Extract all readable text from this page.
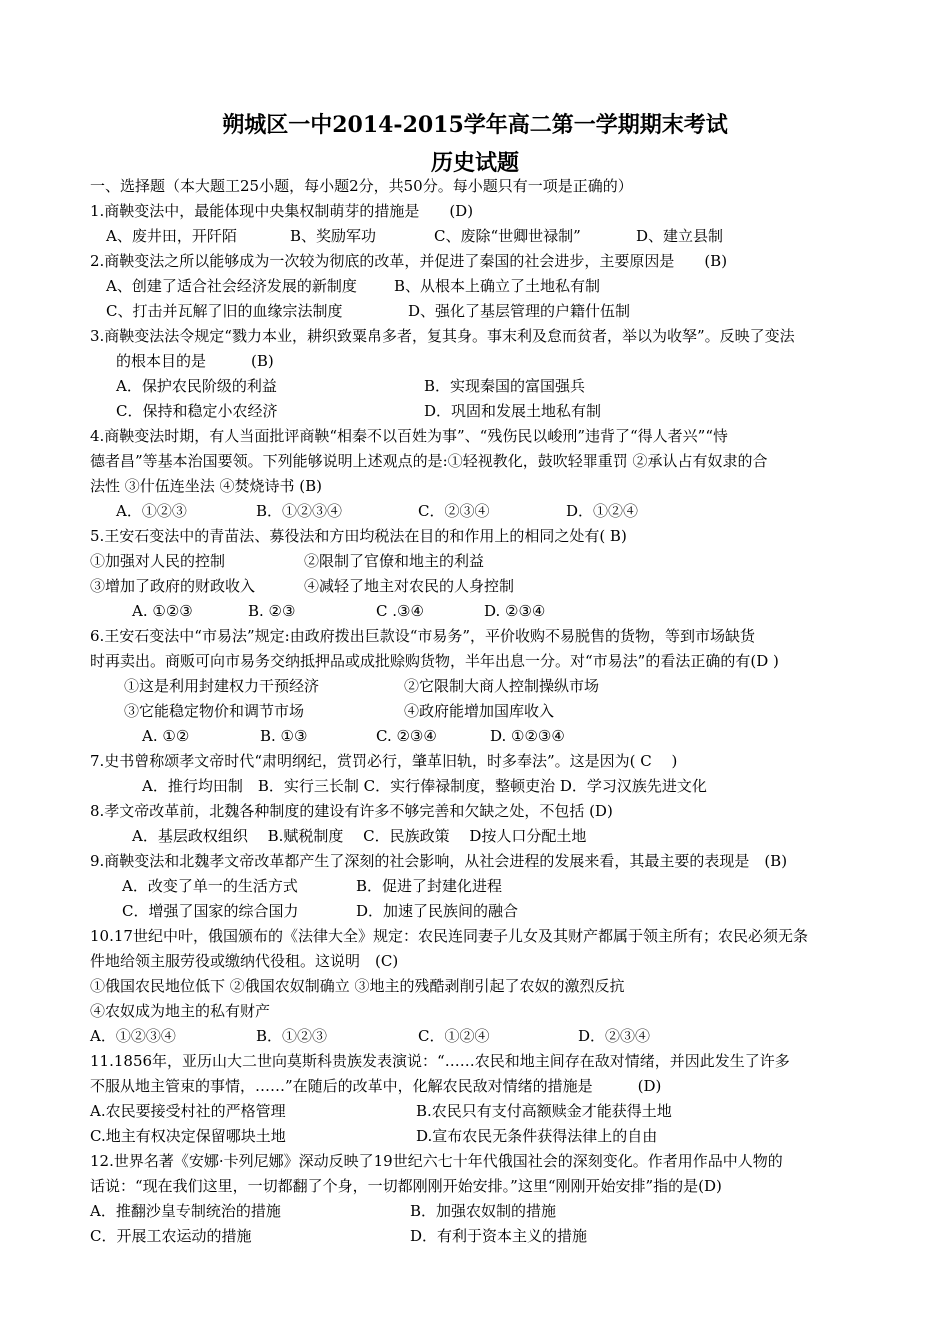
朔城区一中2014-2015学年高二第一学期期末考试
历史试题
一、选择题（本大题工25小题，每小题2分，共50分。每小题只有一项是正确的）
1.商鞅变法中，最能体现中央集权制萌芽的措施是　　(D)
A、废井田，开阡陌	B、奖励军功	C、废除“世卿世禄制”	D、建立县制
2.商鞅变法之所以能够成为一次较为彻底的改革，并促进了秦国的社会进步，主要原因是　　(B)
A、创建了适合社会经济发展的新制度 B、从根本上确立了土地私有制
C、打击并瓦解了旧的血缘宗法制度	D、强化了基层管理的户籍什伍制
3.商鞅变法法令规定“戮力本业，耕织致粟帛多者，复其身。事末利及怠而贫者，举以为收孥”。反映了变法
的根本目的是　　　(B)
A．保护农民阶级的利益	B．实现秦国的富国强兵
C．保持和稳定小农经济	D．巩固和发展土地私有制
4.商鞅变法时期，有人当面批评商鞅“相秦不以百姓为事”、“残伤民以峻刑”违背了“得人者兴”“恃
德者昌”等基本治国要领。下列能够说明上述观点的是:①轻视教化，鼓吹轻罪重罚 ②承认占有奴隶的合
法性 ③什伍连坐法 ④焚烧诗书 (B)
A．①②③	B．①②③④	C．②③④	D．①②④
5.王安石变法中的青苗法、募役法和方田均税法在目的和作用上的相同之处有( B)
①加强对人民的控制	②限制了官僚和地主的利益
③增加了政府的财政收入	④减轻了地主对农民的人身控制
A. ①②③	B. ②③	C .③④	D. ②③④
6.王安石变法中“市易法”规定:由政府拨出巨款设“市易务”，平价收购不易脱售的货物，等到市场缺货
时再卖出。商贩可向市易务交纳抵押品或成批赊购货物，半年出息一分。对“市易法”的看法正确的有(D )
①这是利用封建权力干预经济	②它限制大商人控制操纵市场
③它能稳定物价和调节市场	④政府能增加国库收入
A. ①②	B. ①③	C. ②③④	D. ①②③④
7.史书曾称颂孝文帝时代“肃明纲纪，赏罚必行，肇革旧轨，时多奉法”。这是因为( C　 )
A．推行均田制　B．实行三长制 C．实行俸禄制度，整顿吏治 D．学习汉族先进文化
8.孝文帝改革前，北魏各种制度的建设有许多不够完善和欠缺之处，不包括 (D)
A．基层政权组织　 B.赋税制度　 C．民族政策　 D按人口分配土地
9.商鞅变法和北魏孝文帝改革都产生了深刻的社会影响，从社会进程的发展来看，其最主要的表现是　(B)
A．改变了单一的生活方式	B．促进了封建化进程
C．增强了国家的综合国力	D．加速了民族间的融合
10.17世纪中叶，俄国颁布的《法律大全》规定：农民连同妻子儿女及其财产都属于领主所有；农民必须无条
件地给领主服劳役或缴纳代役租。这说明　(C)
①俄国农民地位低下 ②俄国农奴制确立 ③地主的残酷剥削引起了农奴的激烈反抗
④农奴成为地主的私有财产
A．①②③④	B．①②③	C．①②④	D．②③④
11.1856年，亚历山大二世向莫斯科贵族发表演说：“……农民和地主间存在敌对情绪，并因此发生了许多
不服从地主管束的事情，……”在随后的改革中，化解农民敌对情绪的措施是　　　(D)
A.农民要接受村社的严格管理	B.农民只有支付高额赎金才能获得土地
C.地主有权决定保留哪块土地	D.宣布农民无条件获得法律上的自由
12.世界名著《安娜·卡列尼娜》深动反映了19世纪六七十年代俄国社会的深刻变化。作者用作品中人物的
话说：“现在我们这里，一切都翻了个身，一切都刚刚开始安排。”这里“刚刚开始安排”指的是(D)
A．推翻沙皇专制统治的措施	B．加强农奴制的措施
C．开展工农运动的措施	D．有利于资本主义的措施
